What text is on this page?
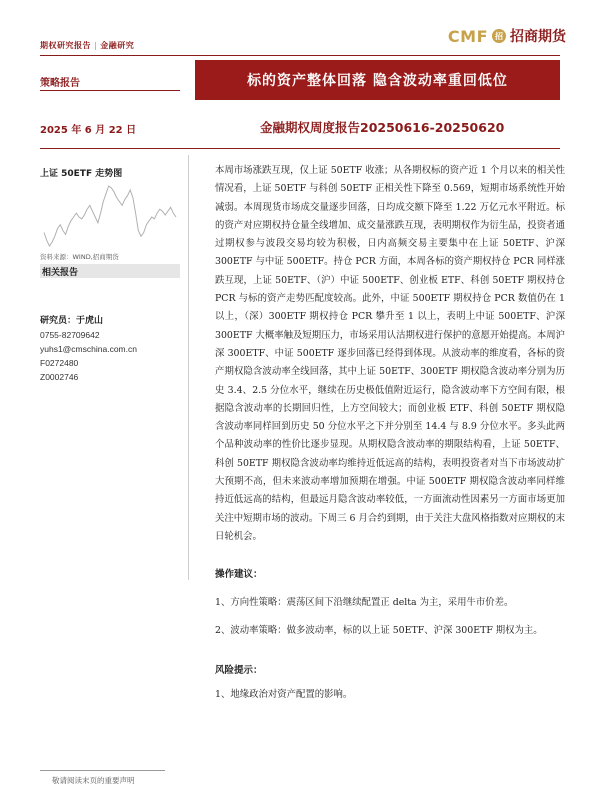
期权研究报告 | 金融研究	CMF 招 招商期货
策略报告	标的资产整体回落 隐含波动率重回低位
2025 年 6 月 22 日	金融期权周度报告20250616-20250620
上证 50ETF 走势图
资料来源：WIND,招商期货
相关报告
研究员：于虎山
0755-82709642
yuhs1@cmschina.com.cn
F0272480
Z0002746
本周市场涨跌互现，仅上证 50ETF 收涨；从各期权标的资产近 1 个月以来的相关性情况看，上证 50ETF 与科创 50ETF 正相关性下降至 0.569，短期市场系统性开始减弱。本周现货市场成交量逐步回落，日均成交额下降至 1.22 万亿元水平附近。标的资产对应期权持仓量全线增加、成交量涨跌互现，表明期权作为衍生品，投资者通过期权参与波段交易均较为积极，日内高频交易主要集中在上证 50ETF、沪深 300ETF 与中证 500ETF。持仓 PCR 方面，本周各标的资产期权持仓 PCR 同样涨跌互现，上证 50ETF、（沪）中证 500ETF、创业板 ETF、科创 50ETF 期权持仓 PCR 与标的资产走势匹配度较高。此外，中证 500ETF 期权持仓 PCR 数值仍在 1 以上，（深）300ETF 期权持仓 PCR 攀升至 1 以上，表明上中证 500ETF、沪深 300ETF 大概率触及短期压力，市场采用认沽期权进行保护的意愿开始提高。本周沪深 300ETF、中证 500ETF 逐步回落已经得到体现。从波动率的维度看，各标的资产期权隐含波动率全线回落，其中上证 50ETF、300ETF 期权隐含波动率分别为历史 3.4、2.5 分位水平，继续在历史极低值附近运行，隐含波动率下方空间有限，根据隐含波动率的长期回归性，上方空间较大；而创业板 ETF、科创 50ETF 期权隐含波动率同样回到历史 50 分位水平之下并分别至 14.4 与 8.9 分位水平。多头此两个品种波动率的性价比逐步显现。从期权隐含波动率的期限结构看，上证 50ETF、科创 50ETF 期权隐含波动率均维持近低远高的结构，表明投资者对当下市场波动扩大预期不高，但未来波动率增加预期在增强。中证 500ETF 期权隐含波动率同样维持近低远高的结构，但最远月隐含波动率较低，一方面流动性因素另一方面市场更加关注中短期市场的波动。下周三 6 月合约到期，由于关注大盘风格指数对应期权的末日轮机会。
操作建议：
1、方向性策略：震荡区间下沿继续配置正 delta 为主，采用牛市价差。
2、波动率策略：做多波动率，标的以上证 50ETF、沪深 300ETF 期权为主。
风险提示：
1、地缘政治对资产配置的影响。
敬请阅读末页的重要声明
